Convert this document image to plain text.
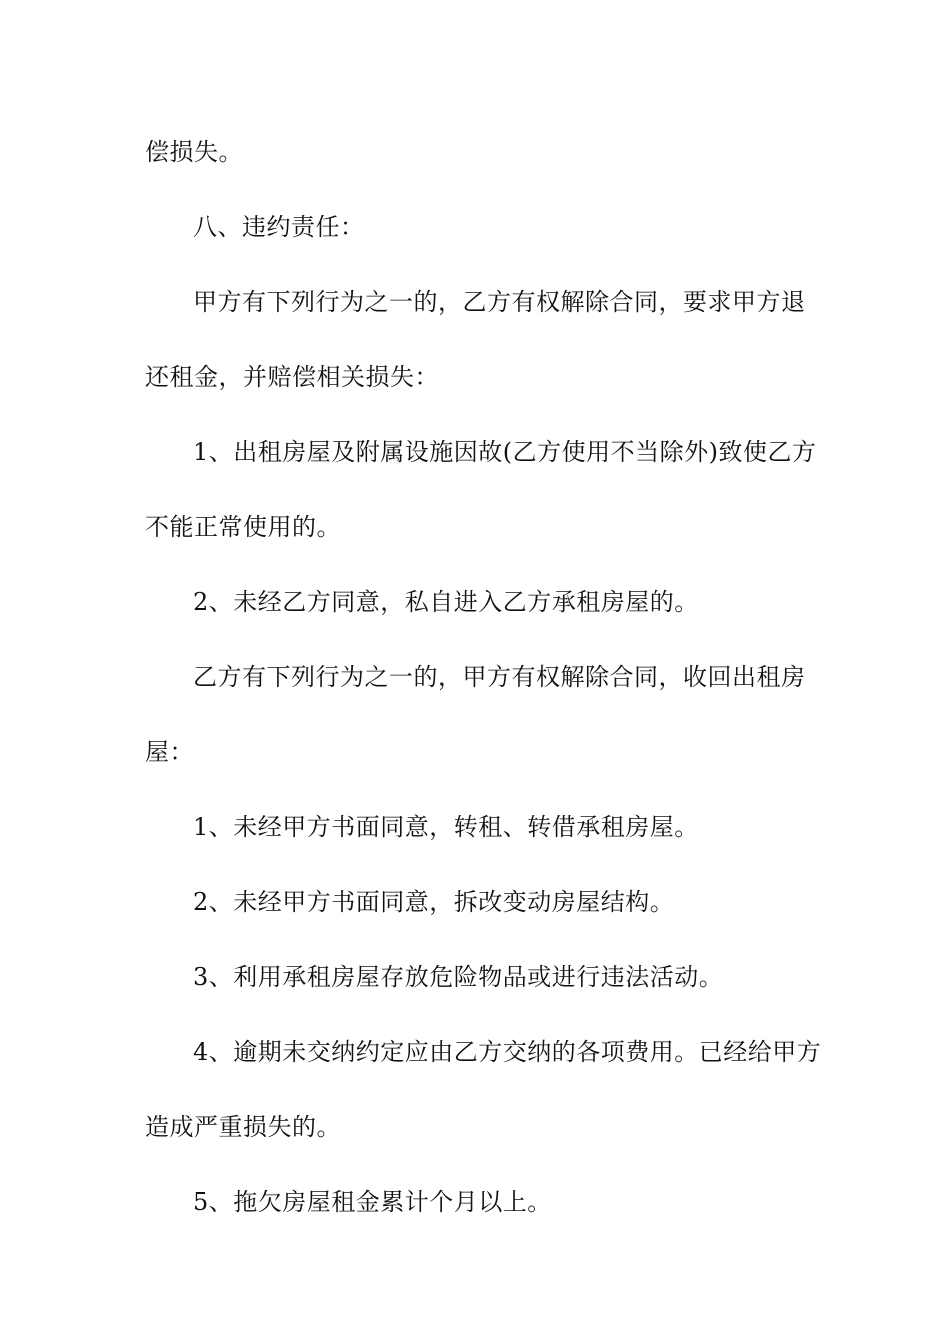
偿损失。
八、违约责任：
甲方有下列行为之一的，乙方有权解除合同，要求甲方退
还租金，并赔偿相关损失：
1、出租房屋及附属设施因故(乙方使用不当除外)致使乙方
不能正常使用的。
2、未经乙方同意，私自进入乙方承租房屋的。
乙方有下列行为之一的，甲方有权解除合同，收回出租房
屋：
1、未经甲方书面同意，转租、转借承租房屋。
2、未经甲方书面同意，拆改变动房屋结构。
3、利用承租房屋存放危险物品或进行违法活动。
4、逾期未交纳约定应由乙方交纳的各项费用。已经给甲方
造成严重损失的。
5、拖欠房屋租金累计个月以上。
